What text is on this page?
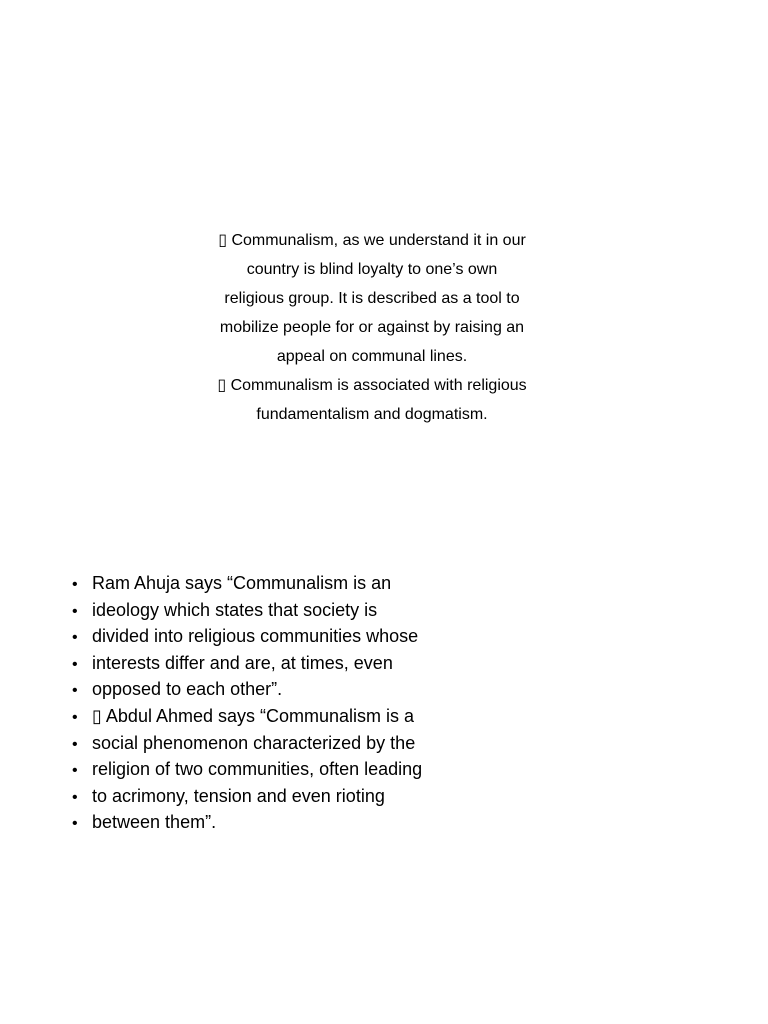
▯ Communalism, as we understand it in our
country is blind loyalty to one’s own
religious group. It is described as a tool to
mobilize people for or against by raising an
appeal on communal lines.
▯ Communalism is associated with religious
fundamentalism and dogmatism.
• Ram Ahuja says “Communalism is an
• ideology which states that society is
• divided into religious communities whose
• interests differ and are, at times, even
• opposed to each other”.
• ▯ Abdul Ahmed says “Communalism is a
• social phenomenon characterized by the
• religion of two communities, often leading
• to acrimony, tension and even rioting
• between them”.
